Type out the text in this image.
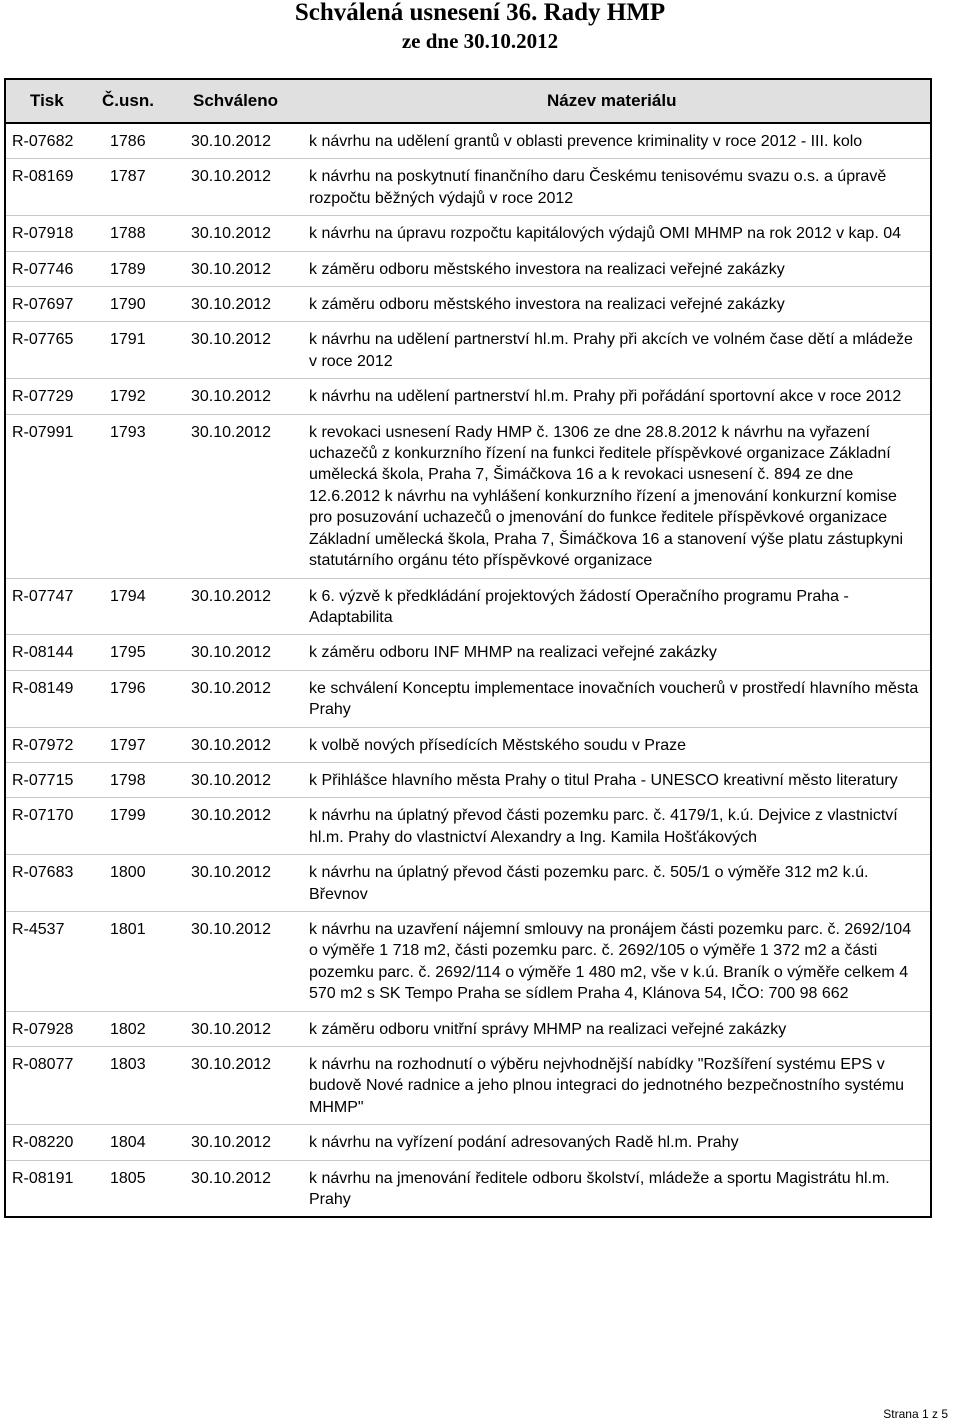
Schválená usnesení 36. Rady HMP
ze dne 30.10.2012
Tisk Č.usn. Schváleno	Název materiálu
R-07682 1786	30.10.2012 k návrhu na udělení grantů v oblasti prevence kriminality v roce 2012 - III. kolo
R-08169 1787	30.10.2012 k návrhu na poskytnutí finančního daru Českému tenisovému svazu o.s. a úpravě rozpočtu běžných výdajů v roce 2012
R-07918 1788	30.10.2012 k návrhu na úpravu rozpočtu kapitálových výdajů OMI MHMP na rok 2012 v kap. 04
R-07746 1789	30.10.2012 k záměru odboru městského investora na realizaci veřejné zakázky
R-07697 1790	30.10.2012 k záměru odboru městského investora na realizaci veřejné zakázky
R-07765 1791	30.10.2012 k návrhu na udělení partnerství hl.m. Prahy při akcích ve volném čase dětí a mládeže v roce 2012
R-07729 1792	30.10.2012 k návrhu na udělení partnerství hl.m. Prahy při pořádání sportovní akce v roce 2012
R-07991 1793	30.10.2012 k revokaci usnesení Rady HMP č. 1306 ze dne 28.8.2012 k návrhu na vyřazení uchazečů z konkurzního řízení na funkci ředitele příspěvkové organizace Základní umělecká škola, Praha 7, Šimáčkova 16 a k revokaci usnesení č. 894 ze dne 12.6.2012 k návrhu na vyhlášení konkurzního řízení a jmenování konkurzní komise pro posuzování uchazečů o jmenování do funkce ředitele příspěvkové organizace Základní umělecká škola, Praha 7, Šimáčkova 16 a stanovení výše platu zástupkyni statutárního orgánu této příspěvkové organizace
R-07747 1794	30.10.2012 k 6. výzvě k předkládání projektových žádostí Operačního programu Praha - Adaptabilita
R-08144 1795	30.10.2012 k záměru odboru INF MHMP na realizaci veřejné zakázky
R-08149 1796	30.10.2012 ke schválení Konceptu implementace inovačních voucherů v prostředí hlavního města Prahy
R-07972 1797	30.10.2012 k volbě nových přísedících Městského soudu v Praze
R-07715 1798	30.10.2012 k Přihlášce hlavního města Prahy o titul Praha - UNESCO kreativní město literatury
R-07170 1799	30.10.2012 k návrhu na úplatný převod části pozemku parc. č. 4179/1, k.ú. Dejvice z vlastnictví hl.m. Prahy do vlastnictví Alexandry a Ing. Kamila Hošťákových
R-07683 1800	30.10.2012 k návrhu na úplatný převod části pozemku parc. č. 505/1 o výměře 312 m2 k.ú. Břevnov
R-4537	1801	30.10.2012 k návrhu na uzavření nájemní smlouvy na pronájem části pozemku parc. č. 2692/104 o výměře 1 718 m2, části pozemku parc. č. 2692/105 o výměře 1 372 m2 a části pozemku parc. č. 2692/114 o výměře 1 480 m2, vše v k.ú. Braník o výměře celkem 4 570 m2 s SK Tempo Praha se sídlem Praha 4, Klánova 54, IČO: 700 98 662
R-07928 1802	30.10.2012 k záměru odboru vnitřní správy MHMP na realizaci veřejné zakázky
R-08077 1803	30.10.2012 k návrhu na rozhodnutí o výběru nejvhodnější nabídky "Rozšíření systému EPS v budově Nové radnice a jeho plnou integraci do jednotného bezpečnostního systému MHMP"
R-08220 1804	30.10.2012 k návrhu na vyřízení podání adresovaných Radě hl.m. Prahy
R-08191 1805	30.10.2012 k návrhu na jmenování ředitele odboru školství, mládeže a sportu Magistrátu hl.m. Prahy
Strana 1 z 5
